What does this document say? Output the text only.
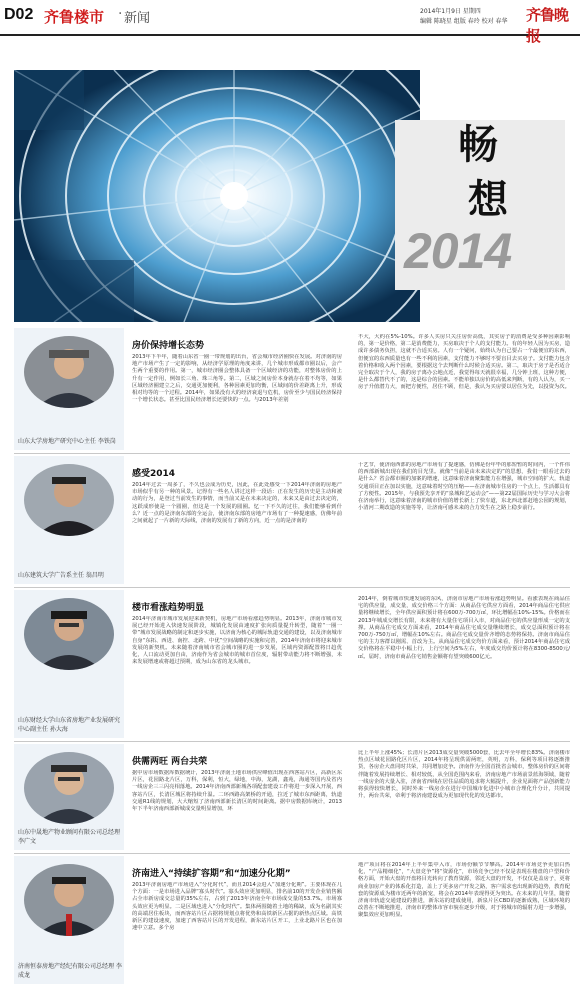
D02 齐鲁楼市 · 新闻	2014年1月9日 星期四
编辑 陈晓星 组版 春玲 校对 春华 齐鲁晚报
畅
想
2014
山东大学房地产研究中心主任 李铁岗
房价保持增长态势
2013年下半年，随着山东省一圈一带规划的出台，省会城市经济圈快在发展。对济南的房地产市场产生了一定的影响，从经济学原理的角度来讲，几个城市形成都市圈以后，会产生两个重要的作用。第一，城市经济圈会整体具备一个区域经济的功能，对整体房价的上升有一定作用，例如长三角、珠三角等。第二，区域之间房价本身就存在着不均等，如果区域经济圈建立之后，交通更加便利，各种因素更加均衡，区域间的价差距离上升，形成相对均等的一个过程。2014年，如果没有大的经济衰退与危机，房价至少与国民经济保持一个增长状态。甚至比国民经济增长还要快的一点。与2013年差别
不大，大约在5%-10%。许多人买房只关注房价高低，其实房子的消费是受多种因素影响的，第一是价格，第二是消费能力，买房取决于个人的支付能力。有的年轻人因为买房，造成许多债务负担，这就不合适买房。人有一个疑问，始终认为自己要占一个最便宜的东西，但便宜的东西质量也有一些不利的因素，支付能力不够时不要盲目去买房子。支付能力包含着价格和收入两个因素，要根据这个去判断什么时候合适买房。第二，取决于房子是否适合完全取决于个人，我的房子离办公地点近，我觉得每天就很幸福，几分钟上班，这种方便，是什么都替代不了的，这是综合的因素。不能单独以房价的高低来判断，有的人认为，买一房子升值潜力大，而把方便性，居住不顾，但是，我认为买房要以居住为先，以投资为次。
山东建筑大学广告系主任 翁昌明
感受2014
2014年过去一周多了，不久也会成为历史，因此，在此处感受一下2014年济南的房地产市场似乎有另一种的风景。记得有一些名人讲过这样一段话：正在发生的历史是主动和被动的行为，是登过当前发生的事情，而当前又是在未来决定的，未来又是由过去决定的，这跃成形使是一个圆圈，但这是一个发展的圆圈。忆一下不久的过往，我们能够看到什么？近一点的是济南东部的全运会，使济南东部的房地产市场有了一种提速感，仿佛年前之间就起了一片新的天际线，济南的发展有了新的方向，近一点的是济南的
十艺节，使济南西部的房地产市场有了提速感，仿佛是份年毕的那短暂的时间内，一个件伟的西部新城出现在我们的目光里。就像“当前是由未来决定的”的思想，我们一眼看过去的是什么？省会都市圈的加案的增速，这意味着济南聚集能力在增强，城市空间的扩大，轨道交通项目正在加以实施，这意味着时空的压缩——在济南城市住房的一个点上，生活都具有了方便性。2015年，与我预先享开的“泉城和艺运动会”——第22届国际历史与学习大会将在济南举行，这意味着济南的城市价值的增长新上了快车道，东北西北部赶地公园的规划，小清河二期改造的实施等等，让济南可感未来的合力发生在之路上稳步前行。
山东财经大学山东省房地产业发展研究中心副主任 孙大海
楼市看涨趋势明显
2014年济南市城市发展迎来新契机，房地产市场看涨趋势明显。2013年，济南市城市发展已经开始进入快速发展阶段，城镇化发展由速度扩张向质量提升转型，随着“一圈一带”城市发展战略的制定和逐步实施，以济南为核心的城际轨道交通的建设，以及济南城市自身“东拓、西进、南控、北跨、中优”空间战略的实施和完善，2014年济南市将迎来城市发展的新契机。未来随着济南城市省会城市圈的进一步发展，区域内资源配置将日趋优化，人口流动更加自由，济南作为省会城市的城市首位度，辐射带动能力将不断增强，未来发展增速或将超过预期，成为山东省的龙头城市。
2014年，倒着城市快速发展的东风，济南市房地产市场看涨趋势明显。看涨表现在商品住宅的供应量，成交量，成交价格三个方面：从商品住宅供应方面看，2014年商品住宅供应量将继续增长，全年供应面积预计将在600万-700万㎡，环比增幅在10%-15%。价格而在2013年城成交增长有限，未来将有大量住宅项目入市，对商品住宅的供应量形成一定的支撑。从商品住宅成交方面来看，2014年商品住宅成交量继续增长，成交总面积预计将在700万-750万㎡，增幅在10%左右。商品住宅成交量价齐增的态势将保持。济南市商品住宅的主力客群以刚需、首改为主。从商品住宅成交均价方面来看，预计2014年商品住宅成交价格将在平稳中小幅上行，上行空间为5%左右，年度成交均价预计将在8300-8500元/㎡。届时，济南市商品住宅销售金额将有望突破600亿元。
山东中晟地产物业顾问有限公司总经理 李广文
供需两旺 两台共荣
据中房市场数据库数据统计，2013年济南土地市场供应峰值出现在西客站片区，高新区东片区，花园路北片区，万科，保利，恒大，绿地，中海，龙湖，鑫苑，海通等国内及省内一线房企三三闪亮相落地。2014年济南西部新城各项配套建设工作将进一步深入开展，西客站片区，长清区城区将持续升温。二环西路高架桥的开通，拉近了城市东西距离，轨道交通R1线的规划，大大缩短了济南西部新长清区的时间距离。据中房数据库统计，2013年下半年济南西部新城成交量明显增加，环
比上半年上涨45%；长清片区2013成交量突破5000套，比去年全年增长83%。济南楼市热点区域花园路化区片区，2014年将呈现供需两旺，英明，万科，保利等项目将逐渐推货，各房企大盘同时共荣，共同增加竞争。济南作为全国首批省会城市，整体房价的区间将伴随着发展持续增长、相对较低，从全国范围内来看，济南房地产市场前景蓝海领域，随着一线房企的大量入驻，济南省西线在居住品质的追求将大幅提升，企业见面将产品创新能力将获得较快增长，同时外来一线房企在进行中国城市化进中小城市合理化升分计，共同提升，两台共荣，帝利于将济南建设成为更加现代化的发达都市。
济南恒泰房地产经纪有限公司总经理 李成龙
济南进入“持续扩容期”和“加速分化期”
2013年济南房地产市场进入“分化时代”，而且2014会进入“加速分化期”。主要体现在几个方面：一是市场进入品牌“寡头时代”。寡头效应更加明显，排名前10的开发企业销售额占全市新房成交总量的35%左右，占到了2013年济南全年市场成交量的53.7%。市场寡头效应更为明显。二是区域也进入“分化时代”。集体两围随着土地的稀缺，成为名副其实的高端居住板块，而西客站片区占据将规划点将优势和高铁新区占据的新热点区域。高铁新区的建设速度，加速了西客站片区的开发进程，新东站片区开工，上业北路片区也在加速中立意。多个房
地产项目将在2014年上半年集中入市，市场份额节节攀高。2014年市场竞争更加白热化，“产品精细化”，“大盘竞争”将“资源化”，市场竞争已经不仅是表现在楼盘的户型和价格方面，开始大盘的开盘将目光转向了教育资源，邻近大盘的开发，不仅仅是盖房子，更将商业加房产业的体系化打造，盖上了更多房产开发之路，客户需求也出现新的趋势，教育配套的资源成为楼市近两年的新宠，将会在2014年表现得更为突出。在未来的几年里，随着济南市轨道交通建设的推进，新东站的建成使用，新泉片区CBD的逐渐成熟，区域环境的改善在不断地推进，济南市的整体市容市貌在逐步升级，对于将城市的辐射力进一步增强，聚集效应更加明显。
